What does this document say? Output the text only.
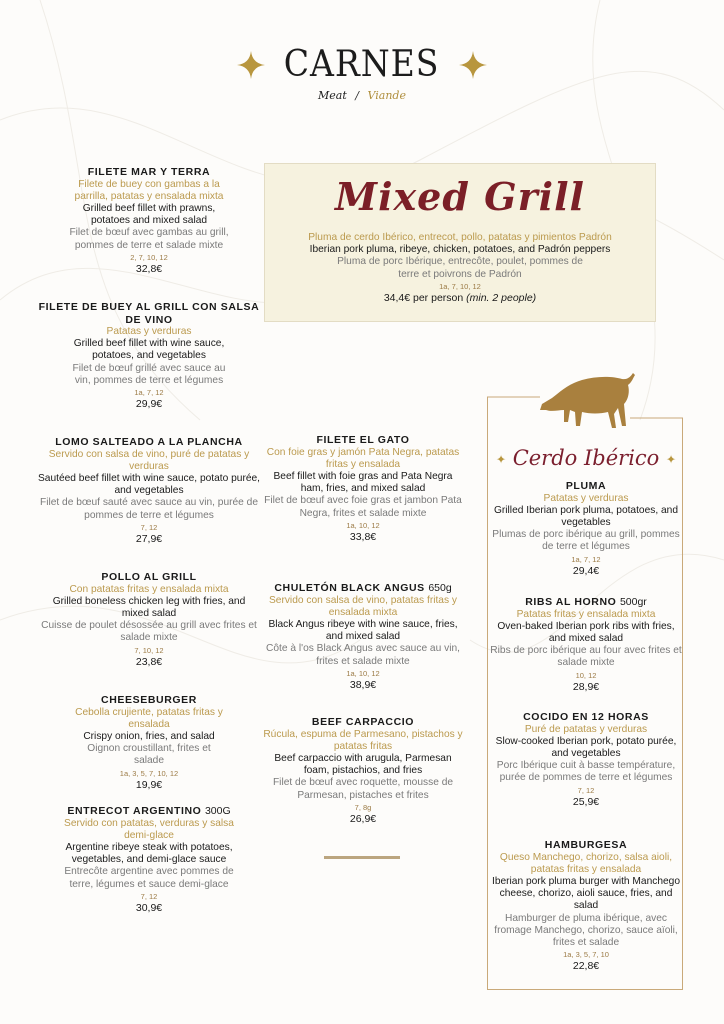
CARNES
Meat / Viande
Mixed Grill
Pluma de cerdo Ibérico, entrecot, pollo, patatas y pimientos Padrón
Iberian pork pluma, ribeye, chicken, potatoes, and Padrón peppers
Pluma de porc Ibérique, entrecôte, poulet, pommes de terre et poivrons de Padrón
1a, 7, 10, 12
34,4€ per person (min. 2 people)
✦ Cerdo Ibérico ✦
FILETE MAR Y TERRA
Filete de buey con gambas a la parrilla, patatas y ensalada mixta
Grilled beef fillet with prawns, potatoes and mixed salad
Filet de bœuf avec gambas au grill, pommes de terre et salade mixte
2, 7, 10, 12
32,8€
FILETE DE BUEY AL GRILL CON SALSA DE VINO
Patatas y verduras
Grilled beef fillet with wine sauce, potatoes, and vegetables
Filet de bœuf grillé avec sauce au vin, pommes de terre et légumes
1a, 7, 12
29,9€
LOMO SALTEADO A LA PLANCHA
Servido con salsa de vino, puré de patatas y verduras
Sautéed beef fillet with wine sauce, potato purée, and vegetables
Filet de bœuf sauté avec sauce au vin, purée de pommes de terre et légumes
7, 12
27,9€
POLLO AL GRILL
Con patatas fritas y ensalada mixta
Grilled boneless chicken leg with fries, and mixed salad
Cuisse de poulet désossée au grill avec frites et salade mixte
7, 10, 12
23,8€
CHEESEBURGER
Cebolla crujiente, patatas fritas y ensalada
Crispy onion, fries, and salad
Oignon croustillant, frites et salade
1a, 3, 5, 7, 10, 12
19,9€
ENTRECOT ARGENTINO 300G
Servido con patatas, verduras y salsa demi-glace
Argentine ribeye steak with potatoes, vegetables, and demi-glace sauce
Entrecôte argentine avec pommes de terre, légumes et sauce demi-glace
7, 12
30,9€
FILETE EL GATO
Con foie gras y jamón Pata Negra, patatas fritas y ensalada
Beef fillet with foie gras and Pata Negra ham, fries, and mixed salad
Filet de bœuf avec foie gras et jambon Pata Negra, frites et salade mixte
1a, 10, 12
33,8€
CHULETÓN BLACK ANGUS 650g
Servido con salsa de vino, patatas fritas y ensalada mixta
Black Angus ribeye with wine sauce, fries, and mixed salad
Côte à l'os Black Angus avec sauce au vin, frites et salade mixte
1a, 10, 12
38,9€
BEEF CARPACCIO
Rúcula, espuma de Parmesano, pistachos y patatas fritas
Beef carpaccio with arugula, Parmesan foam, pistachios, and fries
Filet de bœuf avec roquette, mousse de Parmesan, pistaches et frites
7, 8g
26,9€
PLUMA
Patatas y verduras
Grilled Iberian pork pluma, potatoes, and vegetables
Plumas de porc ibérique au grill, pommes de terre et légumes
1a, 7, 12
29,4€
RIBS AL HORNO 500gr
Patatas fritas y ensalada mixta
Oven-baked Iberian pork ribs with fries, and mixed salad
Ribs de porc ibérique au four avec frites et salade mixte
10, 12
28,9€
COCIDO EN 12 HORAS
Puré de patatas y verduras
Slow-cooked Iberian pork, potato purée, and vegetables
Porc Ibérique cuit à basse température, purée de pommes de terre et légumes
7, 12
25,9€
HAMBURGESA
Queso Manchego, chorizo, salsa aioli, patatas fritas y ensalada
Iberian pork pluma burger with Manchego cheese, chorizo, aioli sauce, fries, and salad
Hamburger de pluma ibérique, avec fromage Manchego, chorizo, sauce aïoli, frites et salade
1a, 3, 5, 7, 10
22,8€
